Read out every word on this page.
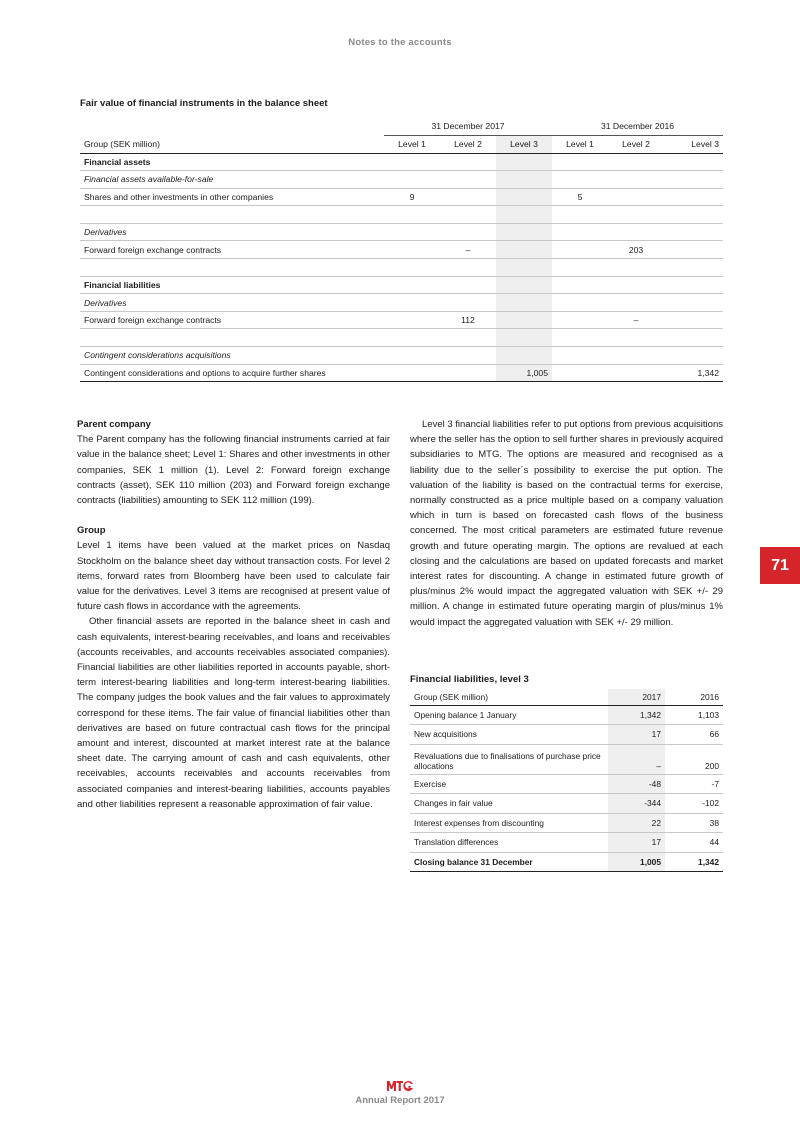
Notes to the accounts
Fair value of financial instruments in the balance sheet
	31 December 2017			31 December 2016		
Group (SEK million)	Level 1	Level 2	Level 3	Level 1	Level 2	Level 3
Financial assets						
Financial assets available-for-sale						
Shares and other investments in other companies	9			5		

Derivatives						
Forward foreign exchange contracts		–			203	

Financial liabilities						
Derivatives						
Forward foreign exchange contracts		112			–	

Contingent considerations acquisitions						
Contingent considerations and options to acquire further shares			1,005			1,342
Parent company

The Parent company has the following financial instruments carried at fair value in the balance sheet; Level 1: Shares and other investments in other companies, SEK 1 million (1). Level 2: Forward foreign exchange contracts (asset), SEK 110 million (203) and Forward foreign exchange contracts (liabilities) amounting to SEK 112 million (199).

Group

Level 1 items have been valued at the market prices on Nasdaq Stockholm on the balance sheet day without transaction costs. For level 2 items, forward rates from Bloomberg have been used to calculate fair value for the derivatives. Level 3 items are recognised at present value of future cash flows in accordance with the agreements.

Other financial assets are reported in the balance sheet in cash and cash equivalents, interest-bearing receivables, and loans and receivables (accounts receivables, and accounts receivables associated companies). Financial liabilities are other liabilities reported in accounts payable, short-term interest-bearing liabilities and long-term interest-bearing liabilities. The company judges the book values and the fair values to approximately correspond for these items. The fair value of financial liabilities other than derivatives are based on future contractual cash flows for the principal amount and interest, discounted at market interest rate at the balance sheet date. The carrying amount of cash and cash equivalents, other receivables, accounts receivables and accounts receivables from associated companies and interest-bearing liabilities, accounts payables and other liabilities represent a reasonable approximation of fair value.

Level 3 financial liabilities refer to put options from previous acquisitions where the seller has the option to sell further shares in previously acquired subsidiaries to MTG. The options are measured and recognised as a liability due to the seller´s possibility to exercise the put option. The valuation of the liability is based on the contractual terms for exercise, normally constructed as a price multiple based on a company valuation which in turn is based on forecasted cash flows of the business concerned. The most critical parameters are estimated future revenue growth and future operating margin. The options are revalued at each closing and the calculations are based on updated forecasts and market interest rates for discounting. A change in estimated future growth of plus/minus 2% would impact the aggregated valuation with SEK +/- 29 million. A change in estimated future operating margin of plus/minus 1% would impact the aggregated valuation with SEK +/- 29 million.

Financial liabilities, level 3
Group (SEK million)	2017	2016
Opening balance 1 January	1,342	1,103
New acquisitions	17	66
Revaluations due to finalisations of purchase price allocations	–	200
Exercise	-48	-7
Changes in fair value	-344	-102
Interest expenses from discounting	22	38
Translation differences	17	44
Closing balance 31 December	1,005	1,342
71
Annual Report 2017
